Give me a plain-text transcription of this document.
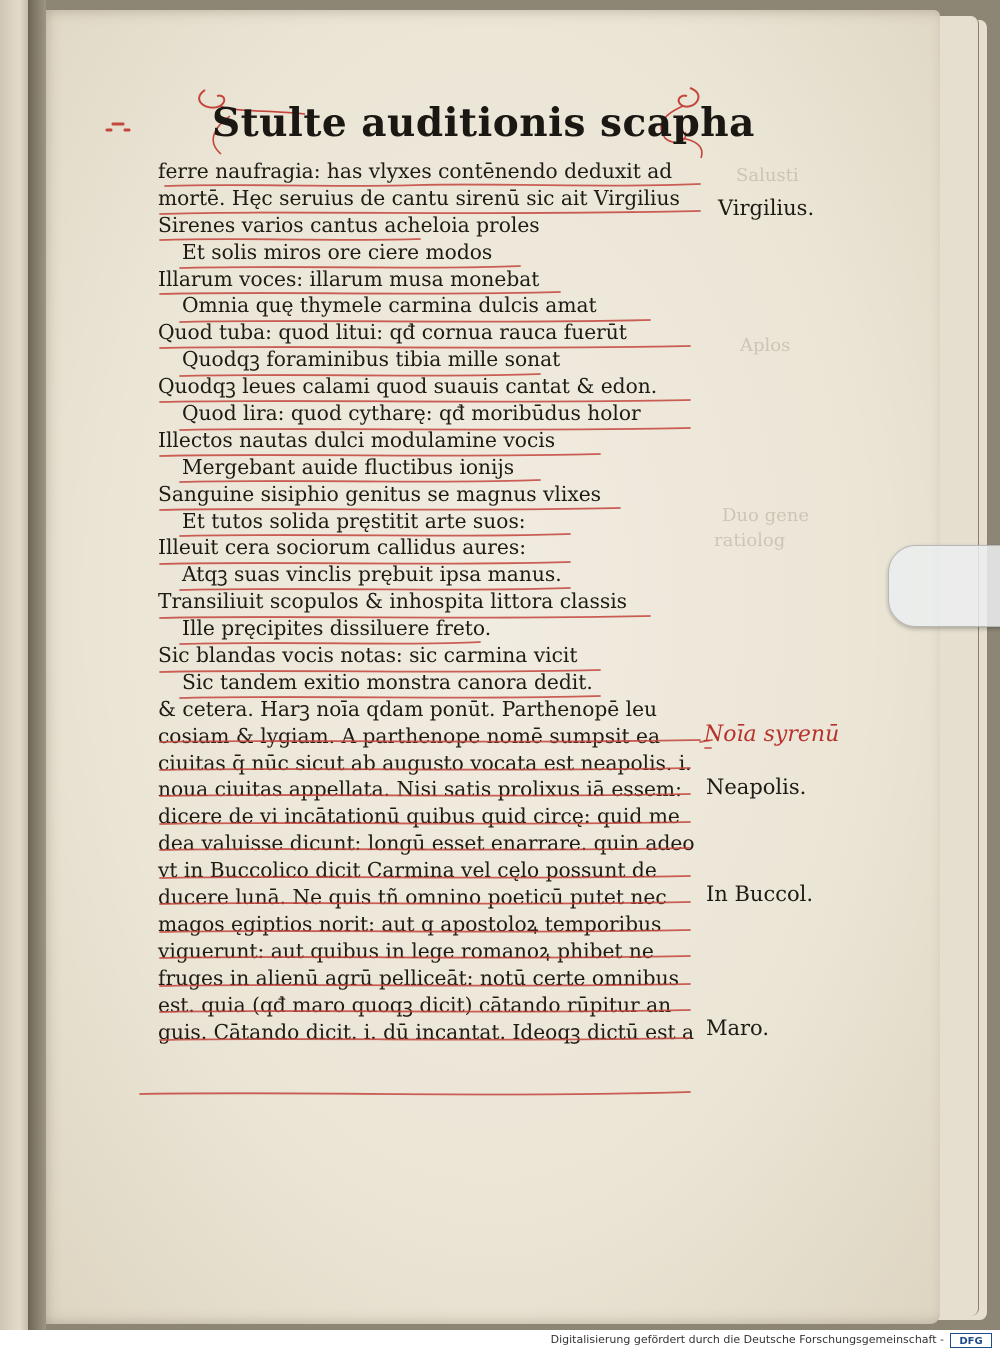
Salusti
Aplos
Duo gene
ratiolog
Stulte auditionis scapha
ferre naufragia: has vlyxes contēnendo deduxit ad
mortē. Hęc seruius de cantu sirenū sic ait Virgilius
Sirenes varios cantus acheloia proles
Et solis miros ore ciere modos
Illarum voces: illarum musa monebat
Omnia quę thymele carmina dulcis amat
Quod tuba: quod litui: qđ cornua rauca fuerūt
Quodqꝫ foraminibus tibia mille sonat
Quodqꝫ leues calami quod suauis cantat & edon.
Quod lira: quod cytharę: qđ moribūdus holor
Illectos nautas dulci modulamine vocis
Mergebant auide fluctibus ionijs
Sanguine sisiphio genitus se magnus vlixes
Et tutos solida pręstitit arte suos:
Illeuit cera sociorum callidus aures:
Atqꝫ suas vinclis prębuit ipsa manus.
Transiliuit scopulos & inhospita littora classis
Ille pręcipites dissiluere freto.
Sic blandas vocis notas: sic carmina vicit
Sic tandem exitio monstra canora dedit.
& cetera. Harꝫ noīa qdam ponūt. Parthenopē leu
cosiam & lygiam. A parthenope nomē sumpsit ea
ciuitas q̄ nūc sicut ab augusto vocata est neapolis. i.
noua ciuitas appellata. Nisi satis prolixus iā essem:
dicere de vi incātationū quibus quid circę: quid me
dea valuisse dicunt: longū esset enarrare. quin adeo
vt in Buccolico dicit Carmina vel cęlo possunt de
ducere lunā. Ne quis tñ omnino poeticū putet nec
magos ęgiptios norit: aut q apostoloꝝ temporibus
viguerunt: aut quibus in lege romanoꝝ phibet ne
fruges in alienū agrū pelliceāt: notū certe omnibus
est. quia (qđ maro quoqꝫ dicit) cātando rūpitur an
guis. Cātando dicit. i. dū incantat. Ideoqꝫ dictū est a
Virgilius.
Noīa syrenū
Neapolis.
In Buccol.
Maro.
Digitalisierung gefördert durch die Deutsche Forschungsgemeinschaft -	DFG
